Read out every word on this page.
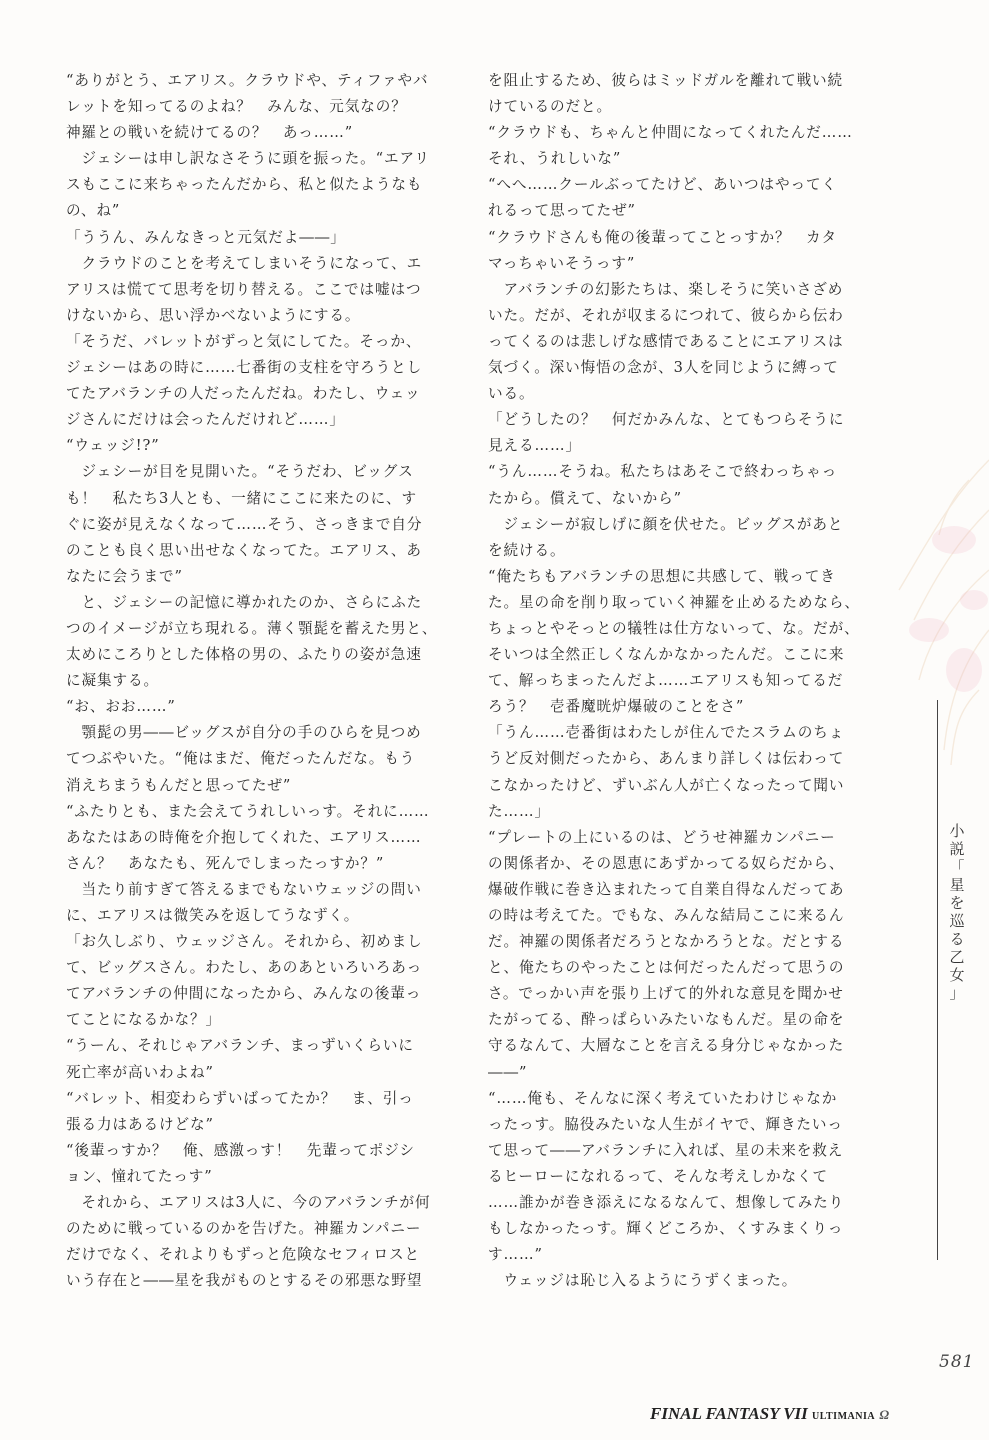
“ありがとう、エアリス。クラウドや、ティファやバ
レットを知ってるのよね？　みんな、元気なの？
神羅との戦いを続けてるの？　あっ……”
　ジェシーは申し訳なさそうに頭を振った。“エアリ
スもここに来ちゃったんだから、私と似たようなも
の、ね”
「ううん、みんなきっと元気だよ――」
　クラウドのことを考えてしまいそうになって、エ
アリスは慌てて思考を切り替える。ここでは嘘はつ
けないから、思い浮かべないようにする。
「そうだ、バレットがずっと気にしてた。そっか、
ジェシーはあの時に……七番街の支柱を守ろうとし
てたアバランチの人だったんだね。わたし、ウェッ
ジさんにだけは会ったんだけれど……」
“ウェッジ!?”
　ジェシーが目を見開いた。“そうだわ、ビッグス
も！　私たち3人とも、一緒にここに来たのに、す
ぐに姿が見えなくなって……そう、さっきまで自分
のことも良く思い出せなくなってた。エアリス、あ
なたに会うまで”
　と、ジェシーの記憶に導かれたのか、さらにふた
つのイメージが立ち現れる。薄く顎髭を蓄えた男と、
太めにころりとした体格の男の、ふたりの姿が急速
に凝集する。
“お、おお……”
　顎髭の男――ビッグスが自分の手のひらを見つめ
てつぶやいた。“俺はまだ、俺だったんだな。もう
消えちまうもんだと思ってたぜ”
“ふたりとも、また会えてうれしいっす。それに……
あなたはあの時俺を介抱してくれた、エアリス……
さん？　あなたも、死んでしまったっすか？”
　当たり前すぎて答えるまでもないウェッジの問い
に、エアリスは微笑みを返してうなずく。
「お久しぶり、ウェッジさん。それから、初めまし
て、ビッグスさん。わたし、あのあといろいろあっ
てアバランチの仲間になったから、みんなの後輩っ
てことになるかな？」
“うーん、それじゃアバランチ、まっずいくらいに
死亡率が高いわよね”
“バレット、相変わらずいばってたか？　ま、引っ
張る力はあるけどな”
“後輩っすか？　俺、感激っす！　先輩ってポジシ
ョン、憧れてたっす”
　それから、エアリスは3人に、今のアバランチが何
のために戦っているのかを告げた。神羅カンパニー
だけでなく、それよりもずっと危険なセフィロスと
いう存在と――星を我がものとするその邪悪な野望
を阻止するため、彼らはミッドガルを離れて戦い続
けているのだと。
“クラウドも、ちゃんと仲間になってくれたんだ……
それ、うれしいな”
“へへ……クールぶってたけど、あいつはやってく
れるって思ってたぜ”
“クラウドさんも俺の後輩ってことっすか？　カタ
マっちゃいそうっす”
　アバランチの幻影たちは、楽しそうに笑いさざめ
いた。だが、それが収まるにつれて、彼らから伝わ
ってくるのは悲しげな感情であることにエアリスは
気づく。深い悔悟の念が、3人を同じように縛って
いる。
「どうしたの？　何だかみんな、とてもつらそうに
見える……」
“うん……そうね。私たちはあそこで終わっちゃっ
たから。償えて、ないから”
　ジェシーが寂しげに顔を伏せた。ビッグスがあと
を続ける。
“俺たちもアバランチの思想に共感して、戦ってき
た。星の命を削り取っていく神羅を止めるためなら、
ちょっとやそっとの犠牲は仕方ないって、な。だが、
そいつは全然正しくなんかなかったんだ。ここに来
て、解っちまったんだよ……エアリスも知ってるだ
ろう？　壱番魔晄炉爆破のことをさ”
「うん……壱番街はわたしが住んでたスラムのちょ
うど反対側だったから、あんまり詳しくは伝わって
こなかったけど、ずいぶん人が亡くなったって聞い
た……」
“プレートの上にいるのは、どうせ神羅カンパニー
の関係者か、その恩恵にあずかってる奴らだから、
爆破作戦に巻き込まれたって自業自得なんだってあ
の時は考えてた。でもな、みんな結局ここに来るん
だ。神羅の関係者だろうとなかろうとな。だとする
と、俺たちのやったことは何だったんだって思うの
さ。でっかい声を張り上げて的外れな意見を聞かせ
たがってる、酔っぱらいみたいなもんだ。星の命を
守るなんて、大層なことを言える身分じゃなかった
――”
“……俺も、そんなに深く考えていたわけじゃなか
ったっす。脇役みたいな人生がイヤで、輝きたいっ
て思って――アバランチに入れば、星の未来を救え
るヒーローになれるって、そんな考えしかなくて
……誰かが巻き添えになるなんて、想像してみたり
もしなかったっす。輝くどころか、くすみまくりっ
す……”
　ウェッジは恥じ入るようにうずくまった。
小
説
「
星
を
巡
る
乙
女
」
581
FINAL FANTASY VII ULTIMANIA Ω
